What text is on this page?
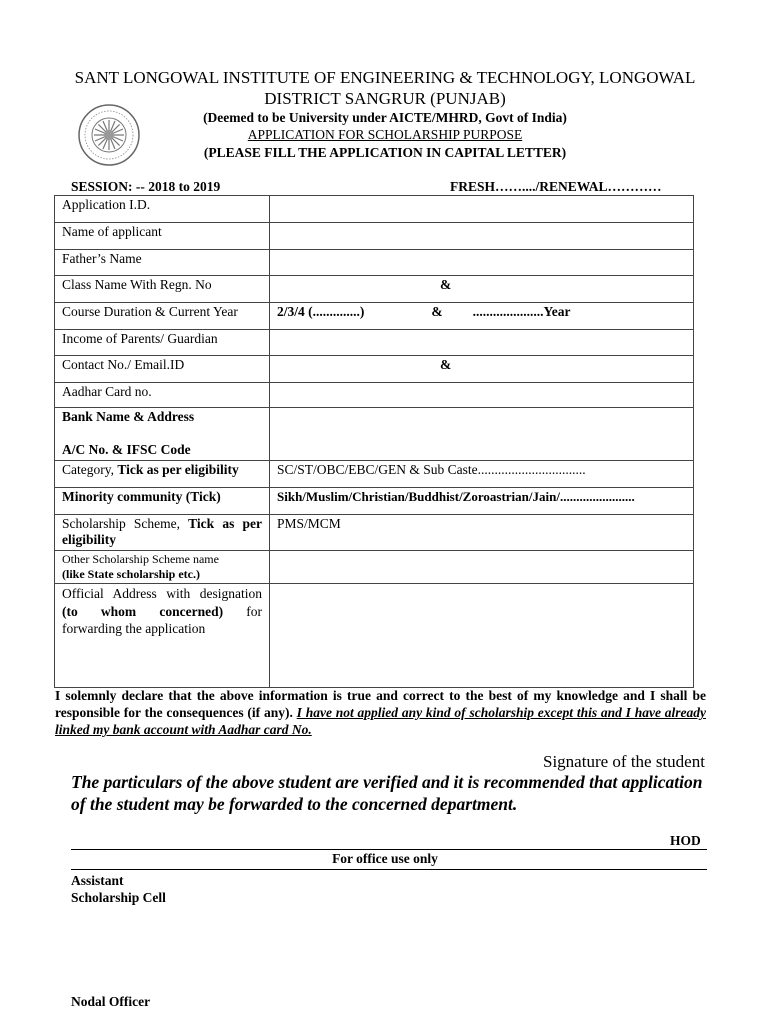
SANT LONGOWAL INSTITUTE OF ENGINEERING & TECHNOLOGY, LONGOWAL
DISTRICT SANGRUR (PUNJAB)
(Deemed to be University under AICTE/MHRD, Govt of India)
APPLICATION FOR SCHOLARSHIP PURPOSE
(PLEASE FILL THE APPLICATION IN CAPITAL LETTER)
SESSION: -- 2018 to 2019	FRESH……..../RENEWAL…………
Application I.D.	
Name of applicant	
Father’s Name	
Class Name With Regn. No	&
Course Duration & Current Year	2/3/4 (..............) & .....................Year
Income of Parents/ Guardian	
Contact No./ Email.ID	&
Aadhar Card no.	

Bank Name & Address
A/C No. & IFSC Code	

Category, Tick as per eligibility	SC/ST/OBC/EBC/GEN & Sub Caste................................
Minority community (Tick)	Sikh/Muslim/Christian/Buddhist/Zoroastrian/Jain/.......................
Scholarship Scheme, Tick as per eligibility	PMS/MCM

Other Scholarship Scheme name
(like State scholarship etc.)	

Official Address with designation (to whom concerned) for forwarding the application	
I solemnly declare that the above information is true and correct to the best of my knowledge and I shall be responsible for the consequences (if any). I have not applied any kind of scholarship except this and I have already linked my bank account with Aadhar card No.
Signature of the student
The particulars of the above student are verified and it is recommended that application of the student may be forwarded to the concerned department.
HOD
For office use only
Assistant
Scholarship Cell
Nodal Officer
